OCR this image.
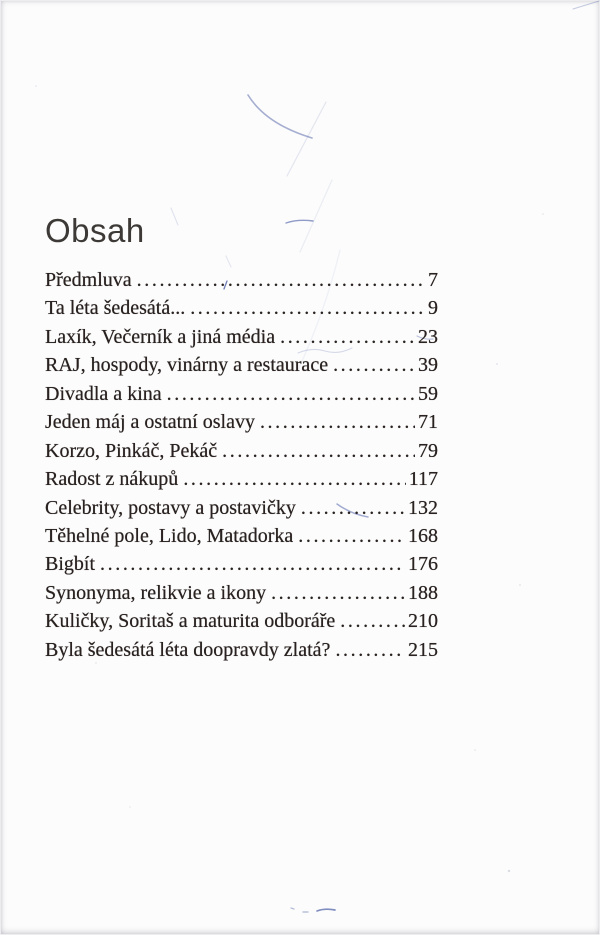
Obsah
Předmluva .....	7
Ta léta šedesátá... .....	9
Laxík, Večerník a jiná média .....	23
RAJ, hospody, vinárny a restaurace .....	39
Divadla a kina .....	59
Jeden máj a ostatní oslavy .....	71
Korzo, Pinkáč, Pekáč .....	79
Radost z nákupů .....	117
Celebrity, postavy a postavičky .....	132
Těhelné pole, Lido, Matadorka .....	168
Bigbít .....	176
Synonyma, relikvie a ikony .....	188
Kuličky, Soritaš a maturita odboráře .....	210
Byla šedesátá léta doopravdy zlatá? .....	215
